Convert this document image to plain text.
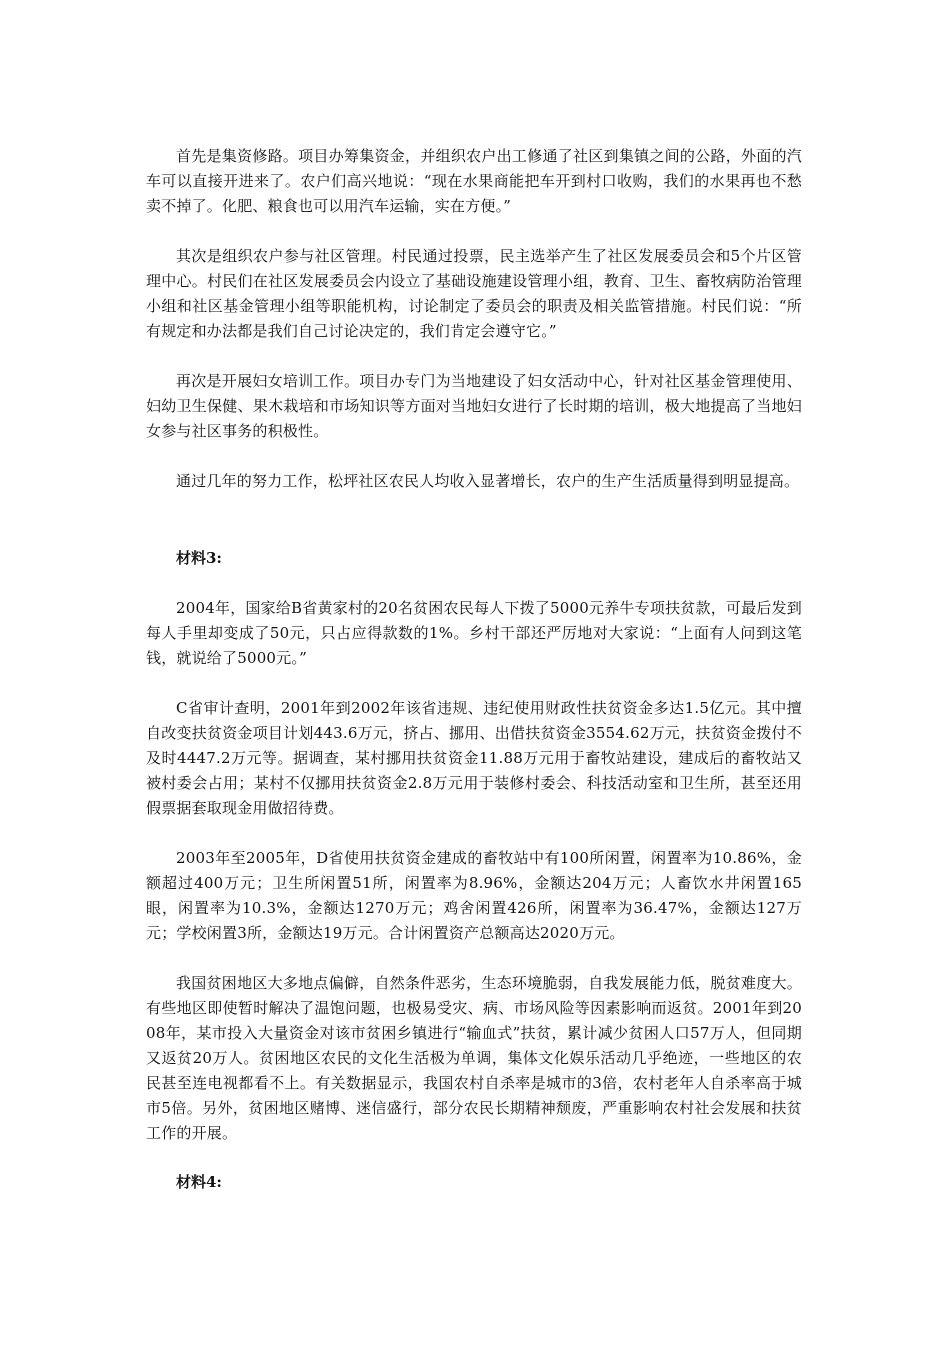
首先是集资修路。项目办筹集资金，并组织农户出工修通了社区到集镇之间的公路，外面的汽车可以直接开进来了。农户们高兴地说：“现在水果商能把车开到村口收购，我们的水果再也不愁卖不掉了。化肥、粮食也可以用汽车运输，实在方便。”

其次是组织农户参与社区管理。村民通过投票，民主选举产生了社区发展委员会和5个片区管理中心。村民们在社区发展委员会内设立了基础设施建设管理小组，教育、卫生、畜牧病防治管理小组和社区基金管理小组等职能机构，讨论制定了委员会的职责及相关监管措施。村民们说：“所有规定和办法都是我们自己讨论决定的，我们肯定会遵守它。”

再次是开展妇女培训工作。项目办专门为当地建设了妇女活动中心，针对社区基金管理使用、妇幼卫生保健、果木栽培和市场知识等方面对当地妇女进行了长时期的培训，极大地提高了当地妇女参与社区事务的积极性。

通过几年的努力工作，松坪社区农民人均收入显著增长，农户的生产生活质量得到明显提高。

材料3:

2004年，国家给B省黄家村的20名贫困农民每人下拨了5000元养牛专项扶贫款，可最后发到每人手里却变成了50元，只占应得款数的1%。乡村干部还严厉地对大家说：“上面有人问到这笔钱，就说给了5000元。”

C省审计查明，2001年到2002年该省违规、违纪使用财政性扶贫资金多达1.5亿元。其中擅自改变扶贫资金项目计划443.6万元，挤占、挪用、出借扶贫资金3554.62万元，扶贫资金拨付不及时4447.2万元等。据调查，某村挪用扶贫资金11.88万元用于畜牧站建设，建成后的畜牧站又被村委会占用；某村不仅挪用扶贫资金2.8万元用于装修村委会、科技活动室和卫生所，甚至还用假票据套取现金用做招待费。

2003年至2005年，D省使用扶贫资金建成的畜牧站中有100所闲置，闲置率为10.86%，金额超过400万元；卫生所闲置51所，闲置率为8.96%，金额达204万元；人畜饮水井闲置165眼，闲置率为10.3%，金额达1270万元；鸡舍闲置426所，闲置率为36.47%，金额达127万元；学校闲置3所，金额达19万元。合计闲置资产总额高达2020万元。

我国贫困地区大多地点偏僻，自然条件恶劣，生态环境脆弱，自我发展能力低，脱贫难度大。有些地区即使暂时解决了温饱问题，也极易受灾、病、市场风险等因素影响而返贫。2001年到2008年，某市投入大量资金对该市贫困乡镇进行“输血式”扶贫，累计减少贫困人口57万人，但同期又返贫20万人。贫困地区农民的文化生活极为单调，集体文化娱乐活动几乎绝迹，一些地区的农民甚至连电视都看不上。有关数据显示，我国农村自杀率是城市的3倍，农村老年人自杀率高于城市5倍。另外，贫困地区赌博、迷信盛行，部分农民长期精神颓废，严重影响农村社会发展和扶贫工作的开展。

材料4:
